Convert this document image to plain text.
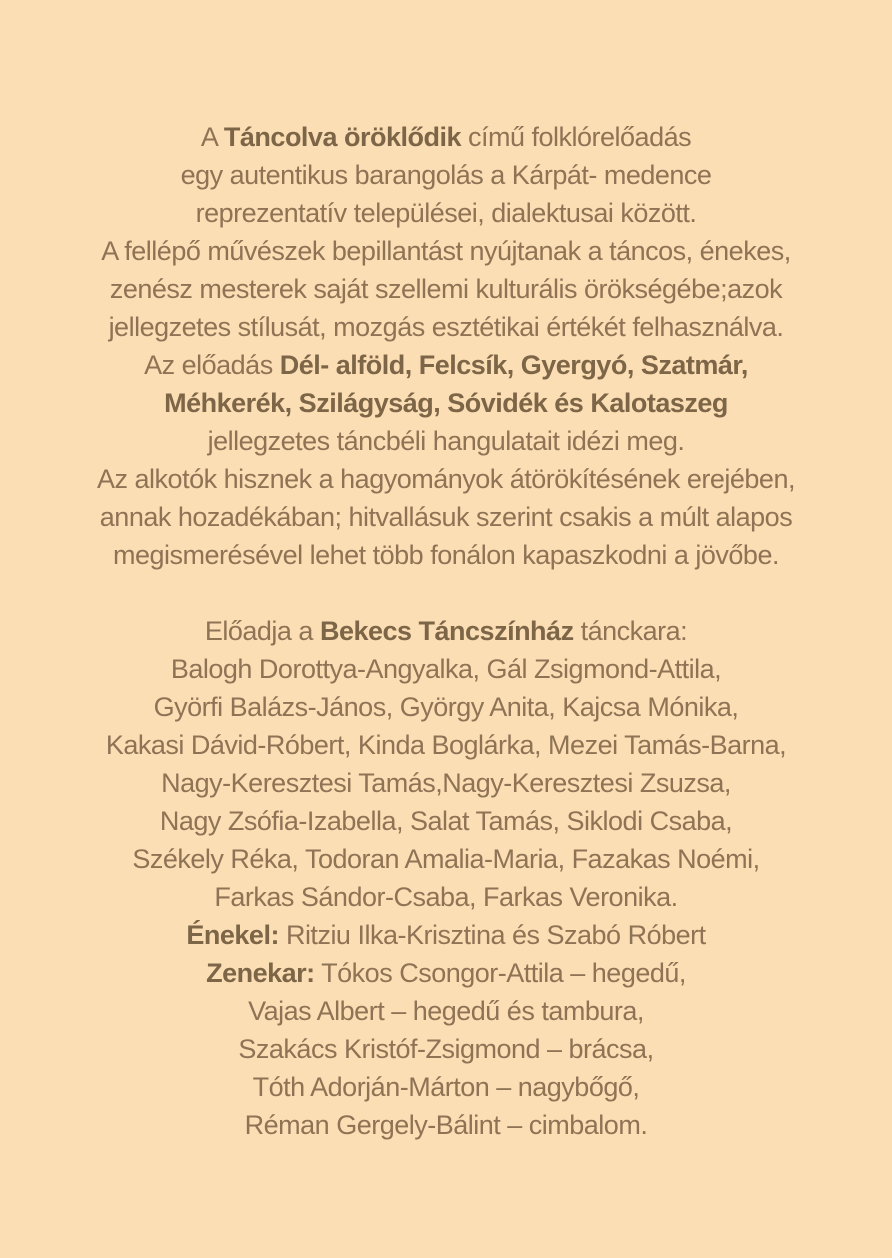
A Táncolva öröklődik című folklórelőadás
egy autentikus barangolás a Kárpát- medence
reprezentatív települései, dialektusai között.
A fellépő művészek bepillantást nyújtanak a táncos, énekes,
zenész mesterek saját szellemi kulturális örökségébe;azok
jellegzetes stílusát, mozgás esztétikai értékét felhasználva.
Az előadás Dél- alföld, Felcsík, Gyergyó, Szatmár,
Méhkerék, Szilágyság, Sóvidék és Kalotaszeg
jellegzetes táncbéli hangulatait idézi meg.
Az alkotók hisznek a hagyományok átörökítésének erejében,
annak hozadékában; hitvallásuk szerint csakis a múlt alapos
megismerésével lehet több fonálon kapaszkodni a jövőbe.
Előadja a Bekecs Táncszínház tánckara:
Balogh Dorottya-Angyalka, Gál Zsigmond-Attila,
Györfi Balázs-János, György Anita, Kajcsa Mónika,
Kakasi Dávid-Róbert, Kinda Boglárka, Mezei Tamás-Barna,
Nagy-Keresztesi Tamás,Nagy-Keresztesi Zsuzsa,
Nagy Zsófia-Izabella, Salat Tamás, Siklodi Csaba,
Székely Réka, Todoran Amalia-Maria, Fazakas Noémi,
Farkas Sándor-Csaba, Farkas Veronika.
Énekel: Ritziu Ilka-Krisztina és Szabó Róbert
Zenekar: Tókos Csongor-Attila – hegedű,
Vajas Albert – hegedű és tambura,
Szakács Kristóf-Zsigmond – brácsa,
Tóth Adorján-Márton – nagybőgő,
Réman Gergely-Bálint – cimbalom.
